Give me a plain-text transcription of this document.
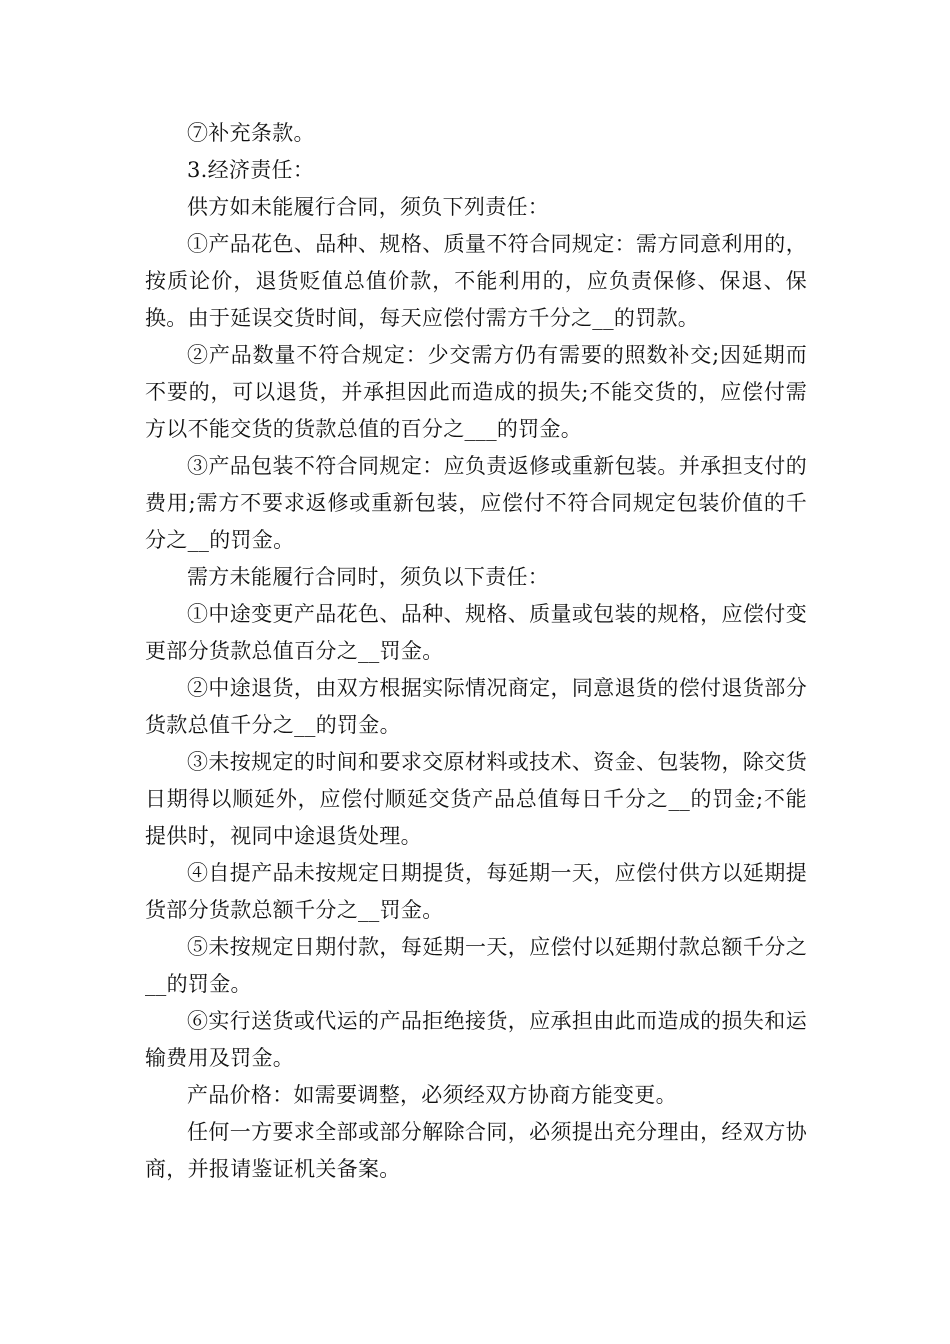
⑦补充条款。

3.经济责任：

供方如未能履行合同，须负下列责任：

①产品花色、品种、规格、质量不符合同规定：需方同意利用的，按质论价，退货贬值总值价款，不能利用的，应负责保修、保退、保换。由于延误交货时间，每天应偿付需方千分之__的罚款。

②产品数量不符合规定：少交需方仍有需要的照数补交;因延期而不要的，可以退货，并承担因此而造成的损失;不能交货的，应偿付需方以不能交货的货款总值的百分之___的罚金。

③产品包装不符合同规定：应负责返修或重新包装。并承担支付的费用;需方不要求返修或重新包装，应偿付不符合同规定包装价值的千分之__的罚金。

需方未能履行合同时，须负以下责任：

①中途变更产品花色、品种、规格、质量或包装的规格，应偿付变更部分货款总值百分之__罚金。

②中途退货，由双方根据实际情况商定，同意退货的偿付退货部分货款总值千分之__的罚金。

③未按规定的时间和要求交原材料或技术、资金、包装物，除交货日期得以顺延外，应偿付顺延交货产品总值每日千分之__的罚金;不能提供时，视同中途退货处理。

④自提产品未按规定日期提货，每延期一天，应偿付供方以延期提货部分货款总额千分之__罚金。

⑤未按规定日期付款，每延期一天，应偿付以延期付款总额千分之__的罚金。

⑥实行送货或代运的产品拒绝接货，应承担由此而造成的损失和运输费用及罚金。

产品价格：如需要调整，必须经双方协商方能变更。

任何一方要求全部或部分解除合同，必须提出充分理由，经双方协商，并报请鉴证机关备案。
